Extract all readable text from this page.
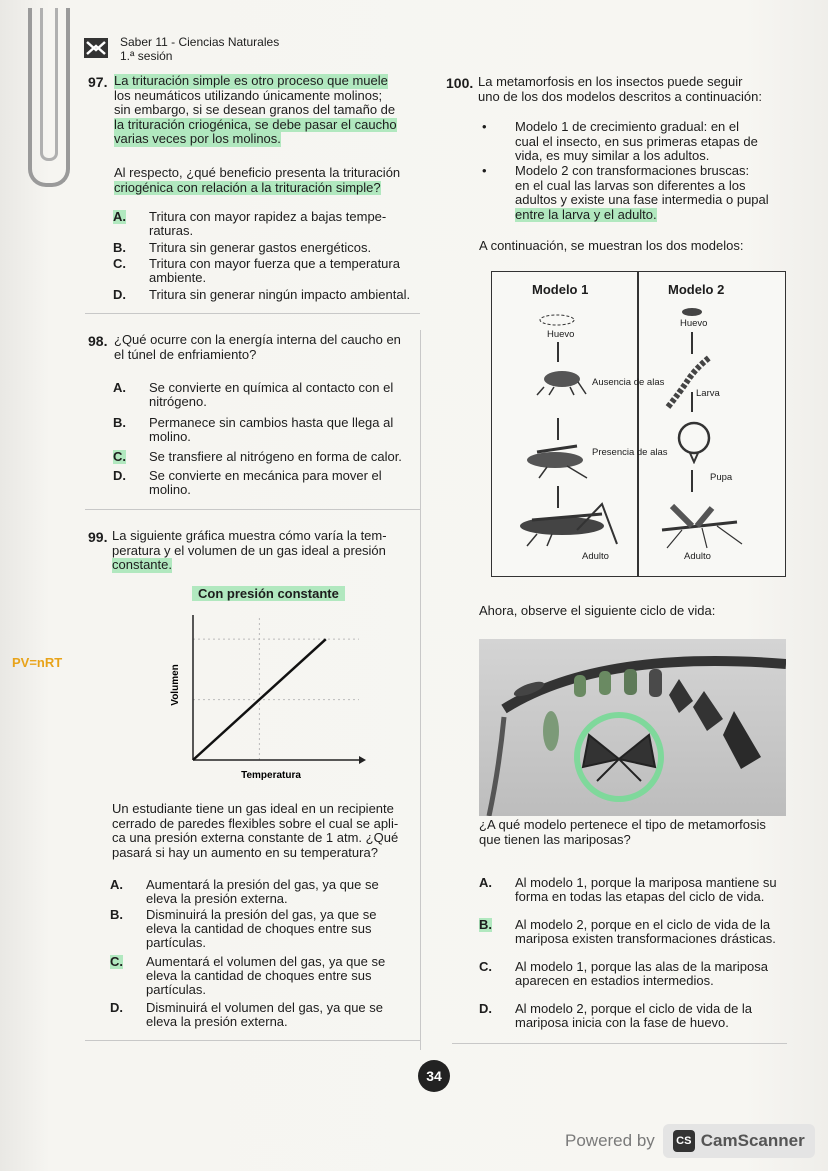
Saber 11 - Ciencias Naturales
1.ª sesión
PV=nRT
97. La trituración simple es otro proceso que muele
los neumáticos utilizando únicamente molinos;
sin embargo, si se desean granos del tamaño de
la trituración criogénica, se debe pasar el caucho varias veces por los molinos.
Al respecto, ¿qué beneficio presenta la trituración
criogénica con relación a la trituración simple?
A. Tritura con mayor rapidez a bajas tempe-
raturas.
B. Tritura sin generar gastos energéticos.
C. Tritura con mayor fuerza que a temperatura
ambiente.
D. Tritura sin generar ningún impacto ambiental.
98. ¿Qué ocurre con la energía interna del caucho en
el túnel de enfriamiento?
A. Se convierte en química al contacto con el
nitrógeno.
B. Permanece sin cambios hasta que llega al
molino.
C. Se transfiere al nitrógeno en forma de calor.
D. Se convierte en mecánica para mover el
molino.
99. La siguiente gráfica muestra cómo varía la tem-
peratura y el volumen de un gas ideal a presión
constante.
Con presión constante
Volumen
Temperatura
Un estudiante tiene un gas ideal en un recipiente
cerrado de paredes flexibles sobre el cual se apli-
ca una presión externa constante de 1 atm. ¿Qué
pasará si hay un aumento en su temperatura?
A. Aumentará la presión del gas, ya que se
eleva la presión externa.
B. Disminuirá la presión del gas, ya que se
eleva la cantidad de choques entre sus
partículas.
C. Aumentará el volumen del gas, ya que se
eleva la cantidad de choques entre sus
partículas.
D. Disminuirá el volumen del gas, ya que se
eleva la presión externa.
100. La metamorfosis en los insectos puede seguir
uno de los dos modelos descritos a continuación:
• Modelo 1 de crecimiento gradual: en el
cual el insecto, en sus primeras etapas de
vida, es muy similar a los adultos.
• Modelo 2 con transformaciones bruscas:
en el cual las larvas son diferentes a los
adultos y existe una fase intermedia o pupal
entre la larva y el adulto.
A continuación, se muestran los dos modelos:
Modelo 1	Modelo 2
Huevo
Ausencia de alas
Presencia de alas
Adulto
Huevo
Larva
Pupa
Adulto
Ahora, observe el siguiente ciclo de vida:
¿A qué modelo pertenece el tipo de metamorfosis
que tienen las mariposas?
A. Al modelo 1, porque la mariposa mantiene su
forma en todas las etapas del ciclo de vida.
B. Al modelo 2, porque en el ciclo de vida de la
mariposa existen transformaciones drásticas.
C. Al modelo 1, porque las alas de la mariposa
aparecen en estadios intermedios.
D. Al modelo 2, porque el ciclo de vida de la
mariposa inicia con la fase de huevo.
34
Powered by	CS CamScanner
